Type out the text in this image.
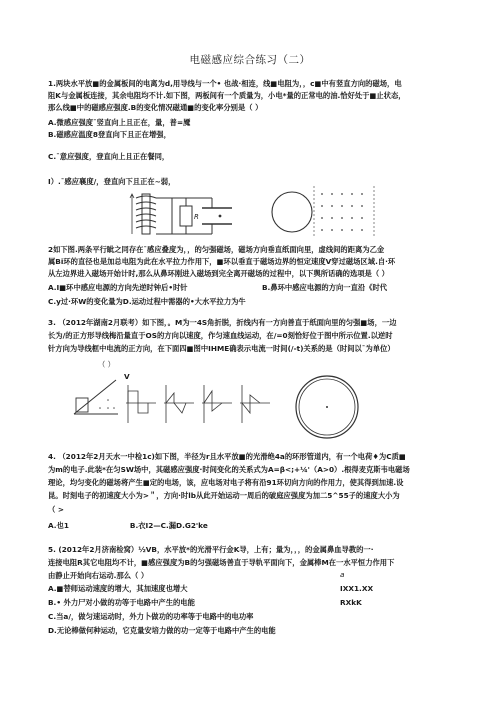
电磁感应综合练习（二）
1.两块水平放■的金属板间的电离为d,用导线与一个• 也战·相连，线■电阻为，，c■中有竖直方向的磁场，电
阻K与金属板连接，其余电阻均不计.如下图，两板间有一个质量为，小电*量的正常电的油.恰好处于■止状态，
那么线■中的磁感应强度.B的变化情况磁通■的变化率分别是（ ）
A.微感应强度ˉ竖直向上且正在，量，普=魇
B.磁感应温度8登直向下且正在增强，
C.ˉ意应强度，登直向上且正在餐同，
I）.ˉ感应襄度/，登直向下且正在~弱，
R
2如下图.两条平行眦之同存在ˉ感应叠度为，，的匀强磁场，磁场方向垂直纸面向里，虚线间的距离为乙金
属Bi环的直径也是加总电阻为此在水平拉力作用下，■环以垂直于磁场边界的恒定速度V穿过磁场区域.自·环
从左边界进入磁场开始计时,那么从鼻环刚进入磁场到完全离开磁场的过程中，以下舆所话确的选项是（ ）
A.I■环中感应电源的方向先逆时钟后•时针	B.鼻环中感应电源的方向一直沿《时代
C.y过·环W的变化量为D.运动过程中需器的•大水平拉力为牛
3. （2012年湖南2月联考）如下图，。M为一4S角折脱，折线内有一方向善直于纸面向里的匀强■场，一边
长为/的正方形导线梅沿量直于OS的方向以速度，作匀速血线运动，在/=0刻恰好位于图中所示位置.以逆时
针方向为导线框中电流的正方向，在下面四■图中IHME确表示电流一时间(/-t)关系的是（时间以ˉ为单位）
（ ）
V
4. （2012年2月天水一中检1c)如下图，半径为r且水平放■的光滑绝4a的环形管道内，有一个电荷♦为C质■
为m的电子.此装*在匀SW场中，其磁感应强度·时间变化的关系式为A=β<;+¼'（A>0）.根得麦克斯韦电磁场
理论，均匀变化的磁场将产生■定的电场，该，应电场对电子将有沿91环切向方向的作用力，使其得到加速.设
昆。时刻电子的初速度大小为>＂，方向·时lb从此开始运动一周后的破庭应强度为加二5^55子的速度大小为
（ >
A.也1                        B.衣I2—C.漏D.G2'ke
5. (2012年2月济南检窝）½VB，水平放*的光滑平行金K导，上有；量为，，，的金属鼻血导教的一·
连接电阻R其它电阻均不计，■感应强度为B的匀强磁场善直于导轨平面向下，金属棒M在一水平恒力作用下
由静止开始向右运动.那么（ ）	a
A.■替师运动速度的增大，其加速度也增大	IXX1.XX
B.• 外力尸对小做的功等于电路中产生的电能	RXkK
C.当a/，做匀速运动时，外力卜做功的功率等于电路中的电功率
D.无论棒做何种运动，它克量安培力做的功一定等于电路中产生的电能
